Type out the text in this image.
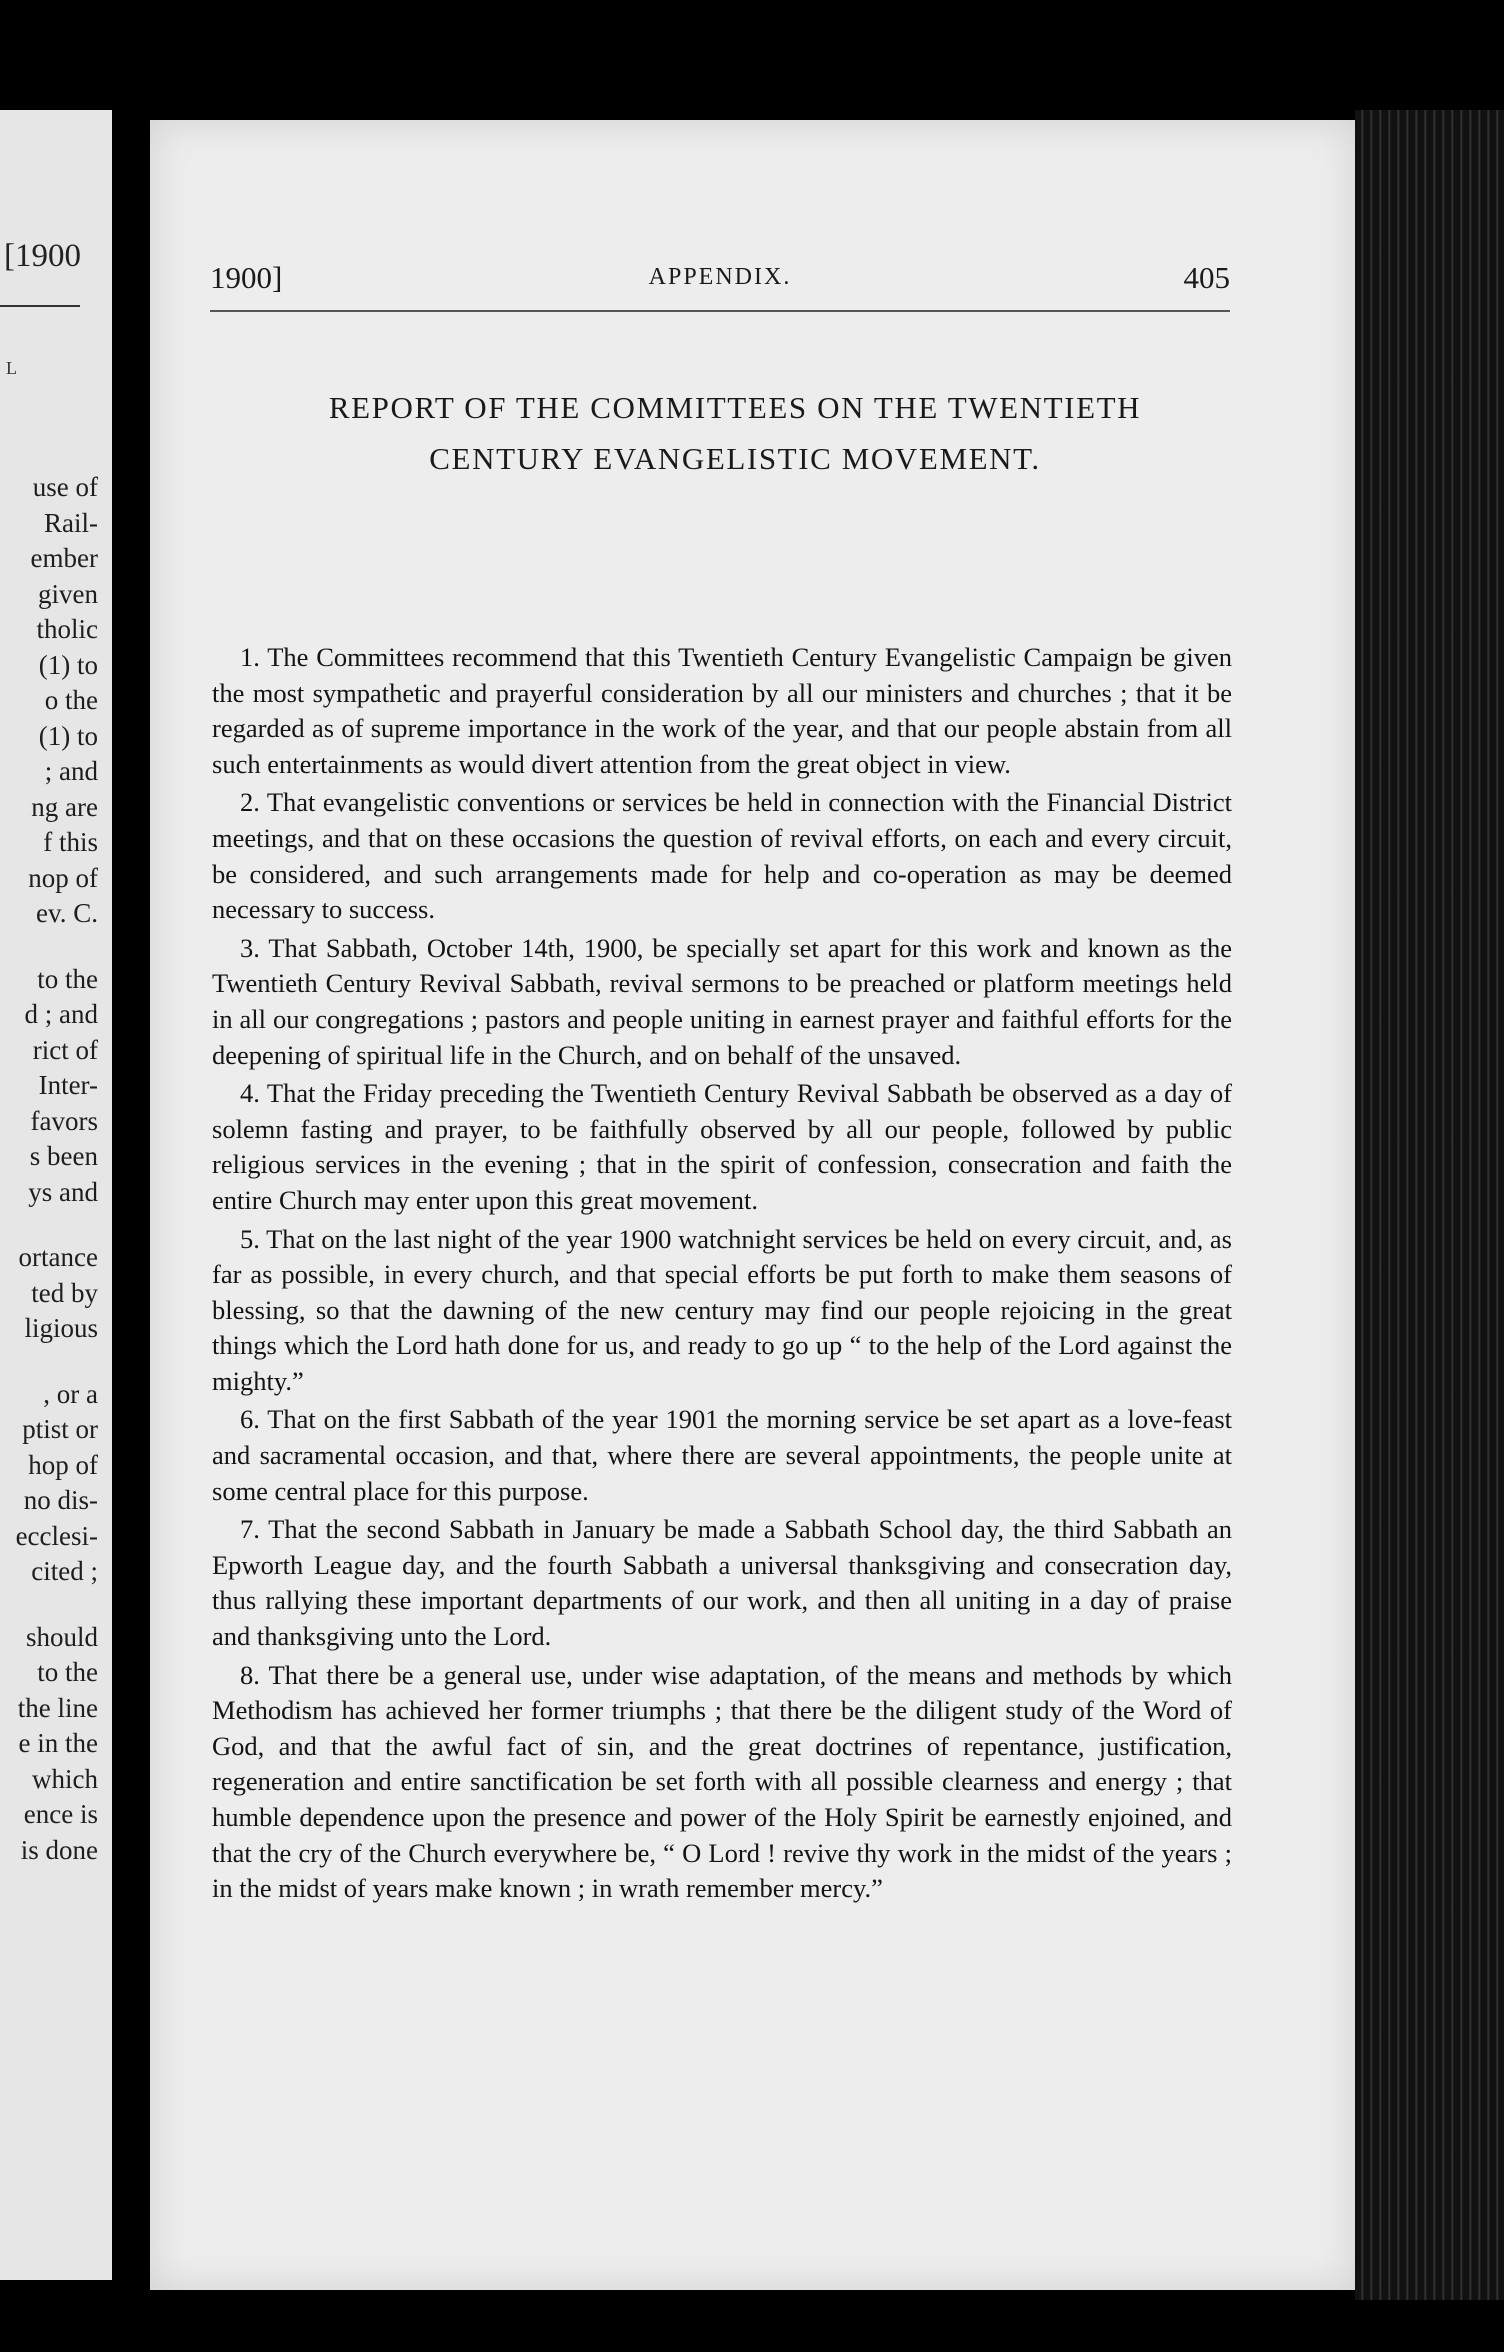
[1900
L
use of
Rail-
ember
given
tholic
(1) to
o the
(1) to
; and
ng are
f this
nop of
ev. C.
to the
d ; and
rict of
Inter-
favors
s been
ys and
ortance
ted by
ligious
, or a
ptist or
hop of
no dis-
ecclesi-
cited ;
should
to the
the line
e in the
which
ence is
is done
1900]	APPENDIX.	405
REPORT OF THE COMMITTEES ON THE TWENTIETH
CENTURY EVANGELISTIC MOVEMENT.

1. The Committees recommend that this Twentieth Century Evangelistic Campaign be given the most sympathetic and prayerful consideration by all our ministers and churches ; that it be regarded as of supreme importance in the work of the year, and that our people abstain from all such entertainments as would divert attention from the great object in view.

2. That evangelistic conventions or services be held in connection with the Financial District meetings, and that on these occasions the question of revival efforts, on each and every circuit, be considered, and such arrangements made for help and co-operation as may be deemed necessary to success.

3. That Sabbath, October 14th, 1900, be specially set apart for this work and known as the Twentieth Century Revival Sabbath, revival sermons to be preached or platform meetings held in all our congregations ; pastors and people uniting in earnest prayer and faithful efforts for the deepening of spiritual life in the Church, and on behalf of the unsaved.

4. That the Friday preceding the Twentieth Century Revival Sabbath be observed as a day of solemn fasting and prayer, to be faithfully observed by all our people, followed by public religious services in the evening ; that in the spirit of confession, consecration and faith the entire Church may enter upon this great movement.

5. That on the last night of the year 1900 watchnight services be held on every circuit, and, as far as possible, in every church, and that special efforts be put forth to make them seasons of blessing, so that the dawning of the new century may find our people rejoicing in the great things which the Lord hath done for us, and ready to go up “ to the help of the Lord against the mighty.”

6. That on the first Sabbath of the year 1901 the morning service be set apart as a love-feast and sacramental occasion, and that, where there are several appointments, the people unite at some central place for this purpose.

7. That the second Sabbath in January be made a Sabbath School day, the third Sabbath an Epworth League day, and the fourth Sabbath a universal thanksgiving and consecration day, thus rallying these important departments of our work, and then all uniting in a day of praise and thanksgiving unto the Lord.

8. That there be a general use, under wise adaptation, of the means and methods by which Methodism has achieved her former triumphs ; that there be the diligent study of the Word of God, and that the awful fact of sin, and the great doctrines of repentance, justification, regeneration and entire sanctification be set forth with all possible clearness and energy ; that humble dependence upon the presence and power of the Holy Spirit be earnestly enjoined, and that the cry of the Church everywhere be, “ O Lord ! revive thy work in the midst of the years ; in the midst of years make known ; in wrath remember mercy.”
